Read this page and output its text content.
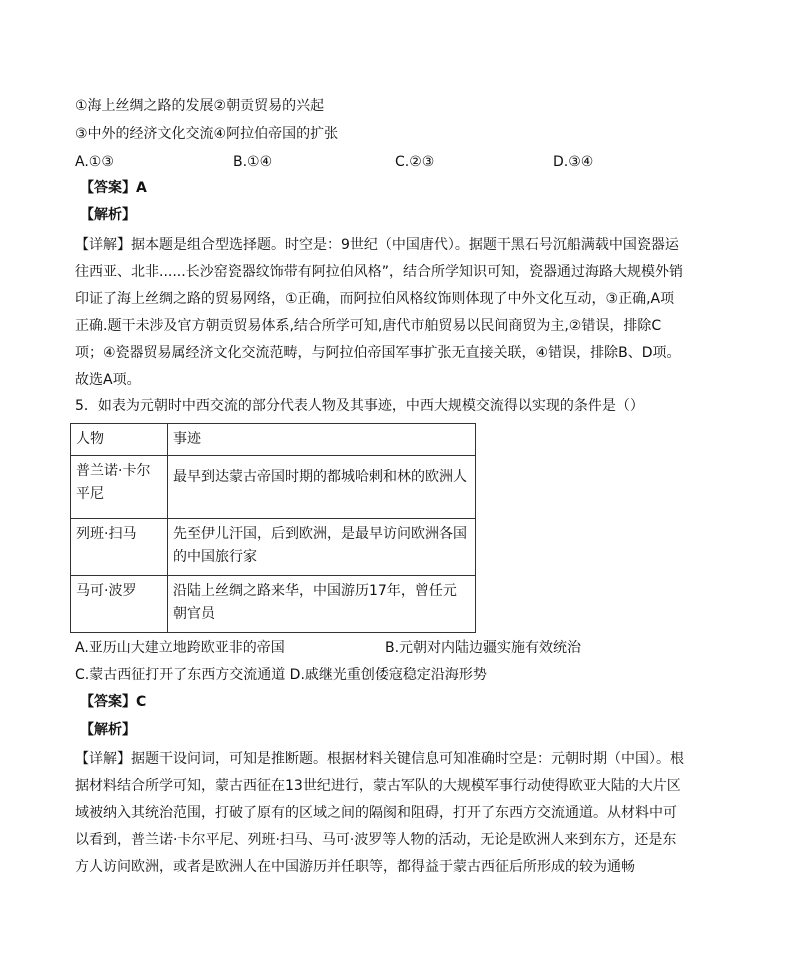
①海上丝绸之路的发展②朝贡贸易的兴起
③中外的经济文化交流④阿拉伯帝国的扩张
A.①③	B.①④	C.②③	D.③④
【答案】A
【解析】
【详解】据本题是组合型选择题。时空是：9世纪（中国唐代）。据题干黑石号沉船满载中国瓷器运往西亚、北非......长沙窑瓷器纹饰带有阿拉伯风格”，结合所学知识可知，瓷器通过海路大规模外销印证了海上丝绸之路的贸易网络，①正确，而阿拉伯风格纹饰则体现了中外文化互动，③正确,A项正确.题干未涉及官方朝贡贸易体系,结合所学可知,唐代市舶贸易以民间商贸为主,②错误，排除C项；④瓷器贸易属经济文化交流范畴，与阿拉伯帝国军事扩张无直接关联，④错误，排除B、D项。故选A项。
5．如表为元朝时中西交流的部分代表人物及其事迹，中西大规模交流得以实现的条件是（）
人物	事迹
普兰诺·卡尔平尼	最早到达蒙古帝国时期的都城哈剌和林的欧洲人
列班·扫马	先至伊儿汗国，后到欧洲，是最早访问欧洲各国的中国旅行家
马可·波罗	沿陆上丝绸之路来华，中国游历17年，曾任元朝官员
A.亚历山大建立地跨欧亚非的帝国	B.元朝对内陆边疆实施有效统治
C.蒙古西征打开了东西方交流通道 D.戚继光重创倭寇稳定沿海形势
【答案】C
【解析】
【详解】据题干设问词，可知是推断题。根据材料关键信息可知准确时空是：元朝时期（中国）。根据材料结合所学可知，蒙古西征在13世纪进行，蒙古军队的大规模军事行动使得欧亚大陆的大片区域被纳入其统治范围，打破了原有的区域之间的隔阂和阻碍，打开了东西方交流通道。从材料中可以看到，普兰诺·卡尔平尼、列班·扫马、马可·波罗等人物的活动，无论是欧洲人来到东方，还是东方人访问欧洲，或者是欧洲人在中国游历并任职等，都得益于蒙古西征后所形成的较为通畅
